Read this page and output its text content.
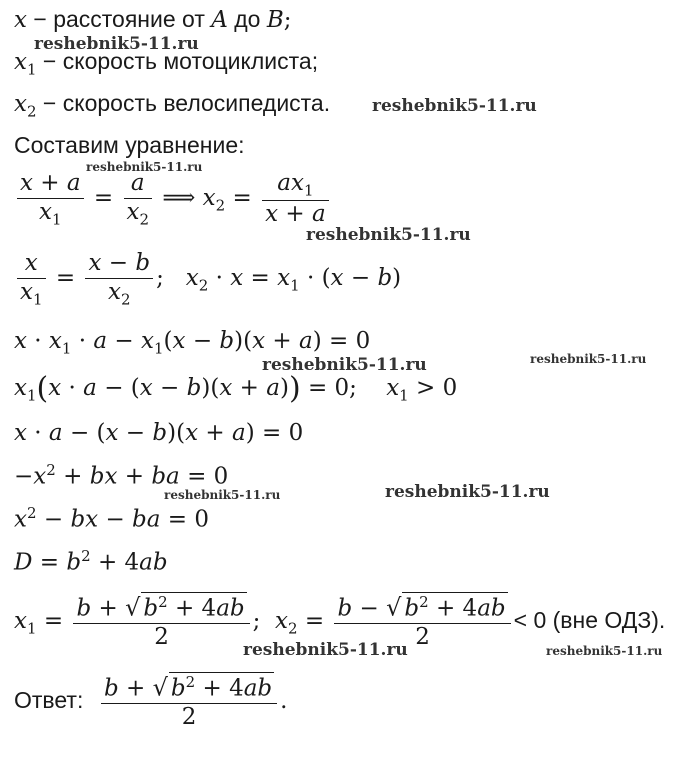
x − расстояние от A до B;
$x_1$ − скорость мотоциклиста;
$x_2$ − скорость велосипедиста.
Составим уравнение:
$\frac{x + a}{x_1} = \frac{a}{x_2}$ ⟹ $x_2 = \frac{ax_1}{x + a}$
$\frac{x}{x_1} = \frac{x - b}{x_2}$ ;   $x_2 \cdot x = x_1 \cdot (x - b)$
$x \cdot x_1 \cdot a - x_1(x - b)(x + a) = 0$
$x_1(x \cdot a - (x - b)(x + a)) = 0$;    $x_1 > 0$
x · a − (x − b)(x + a) = 0
$-x^2$ + bx + ba = 0
$x^2$ − bx − ba = 0
$D = b^2 + 4ab$
$x_1 = \frac{b + √ b^2 + 4ab}{2}$ ;  $x_2 = \frac{b - √ b^2 + 4ab}{2} < 0$ (вне ОДЗ).
Ответ: $\frac{b + √ b^2 + 4ab}{2}$ .
reshebnik5-11.ru
reshebnik5-11.ru
reshebnik5-11.ru
reshebnik5-11.ru
reshebnik5-11.ru	reshebnik5-11.ru
reshebnik5-11.ru	reshebnik5-11.ru
reshebnik5-11.ru	reshebnik5-11.ru
